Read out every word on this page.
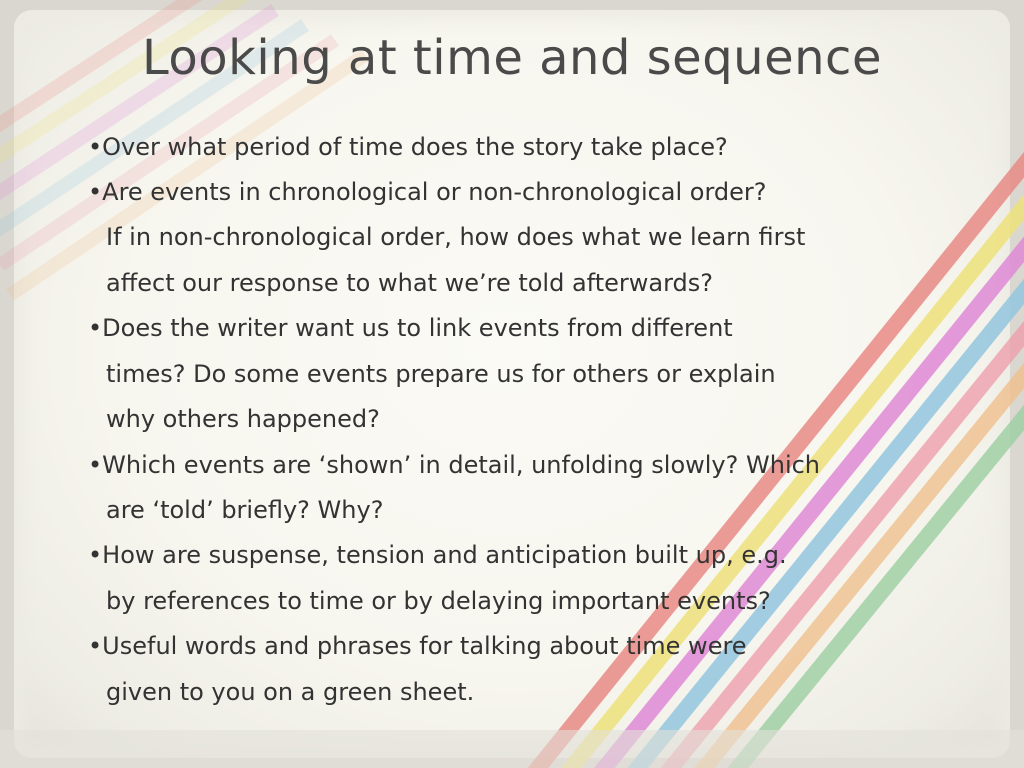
Looking at time and sequence
•Over what period of time does the story take place?
•Are events in chronological or non-chronological order?
If in non-chronological order, how does what we learn first
affect our response to what we’re told afterwards?
•Does the writer want us to link events from different
times? Do some events prepare us for others or explain
why others happened?
•Which events are ‘shown’ in detail, unfolding slowly? Which
are ‘told’ briefly? Why?
•How are suspense, tension and anticipation built up, e.g.
by references to time or by delaying important events?
•Useful words and phrases for talking about time were
given to you on a green sheet.
